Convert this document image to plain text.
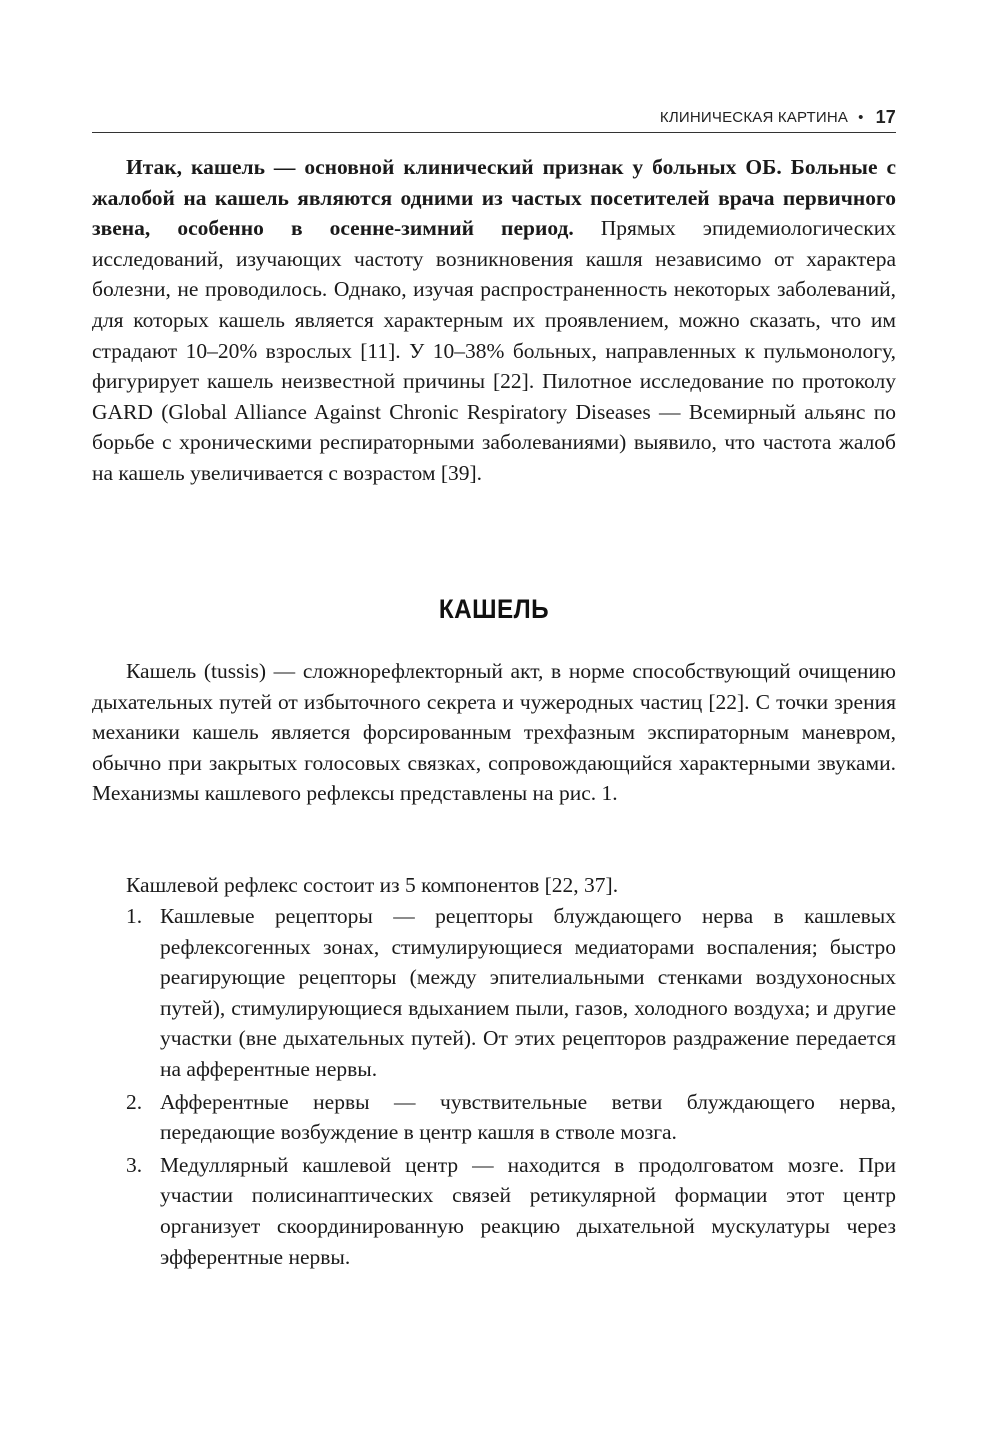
КЛИНИЧЕСКАЯ КАРТИНА • 17

Итак, кашель — основной клинический признак у больных ОБ. Больные с жалобой на кашель являются одними из частых посетителей врача первичного звена, особенно в осенне-зимний период. Прямых эпидемиологических исследований, изучающих частоту возникновения кашля независимо от характера болезни, не проводилось. Однако, изучая распространенность некоторых заболеваний, для которых кашель является характерным их проявлением, можно сказать, что им страдают 10–20% взрослых [11]. У 10–38% больных, направленных к пульмонологу, фигурирует кашель неизвестной причины [22]. Пилотное исследование по протоколу GARD (Global Alliance Against Chronic Respiratory Diseases — Всемирный альянс по борьбе с хроническими респираторными заболеваниями) выявило, что частота жалоб на кашель увеличивается с возрастом [39].

КАШЕЛЬ

Кашель (tussis) — сложнорефлекторный акт, в норме способствующий очищению дыхательных путей от избыточного секрета и чужеродных частиц [22]. С точки зрения механики кашель является форсированным трехфазным экспираторным маневром, обычно при закрытых голосовых связках, сопровождающийся характерными звуками. Механизмы кашлевого рефлексы представлены на рис. 1.

Кашлевой рефлекс состоит из 5 компонентов [22, 37].

1. Кашлевые рецепторы — рецепторы блуждающего нерва в кашлевых рефлексогенных зонах, стимулирующиеся медиаторами воспаления; быстро реагирующие рецепторы (между эпителиальными стенками воздухоносных путей), стимулирующиеся вдыханием пыли, газов, холодного воздуха; и другие участки (вне дыхательных путей). От этих рецепторов раздражение передается на афферентные нервы.
2. Афферентные нервы — чувствительные ветви блуждающего нерва, передающие возбуждение в центр кашля в стволе мозга.
3. Медуллярный кашлевой центр — находится в продолговатом мозге. При участии полисинаптических связей ретикулярной формации этот центр организует скоординированную реакцию дыхательной мускулатуры через эфферентные нервы.
